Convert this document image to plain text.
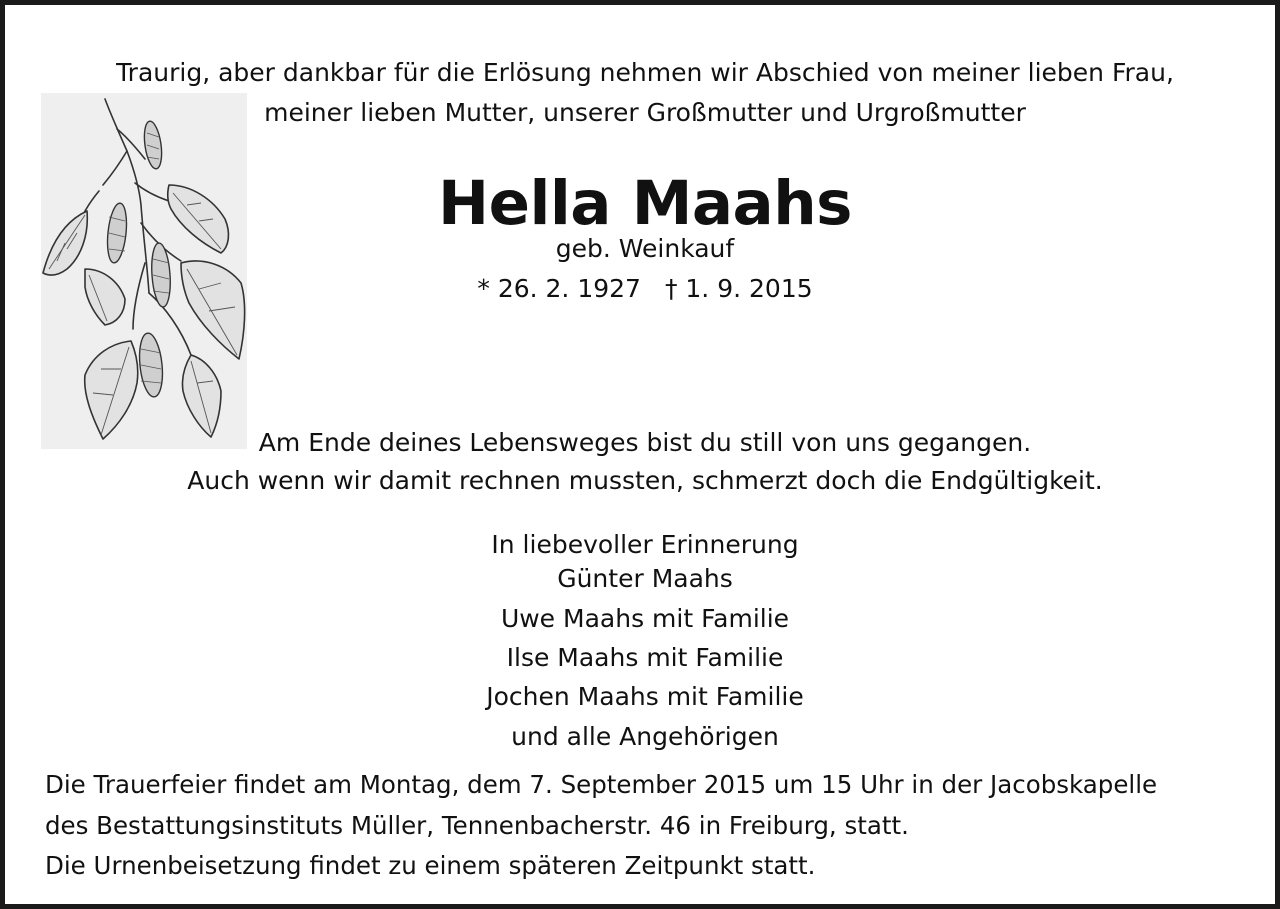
Traurig, aber dankbar für die Erlösung nehmen wir Abschied von meiner lieben Frau,
meiner lieben Mutter, unserer Großmutter und Urgroßmutter
Hella Maahs
geb. Weinkauf
* 26. 2. 1927 † 1. 9. 2015
Am Ende deines Lebensweges bist du still von uns gegangen.
Auch wenn wir damit rechnen mussten, schmerzt doch die Endgültigkeit.
In liebevoller Erinnerung
Günter Maahs
Uwe Maahs mit Familie
Ilse Maahs mit Familie
Jochen Maahs mit Familie
und alle Angehörigen
Die Trauerfeier findet am Montag, dem 7. September 2015 um 15 Uhr in der Jacobskapelle
des Bestattungsinstituts Müller, Tennenbacherstr. 46 in Freiburg, statt.
Die Urnenbeisetzung findet zu einem späteren Zeitpunkt statt.
